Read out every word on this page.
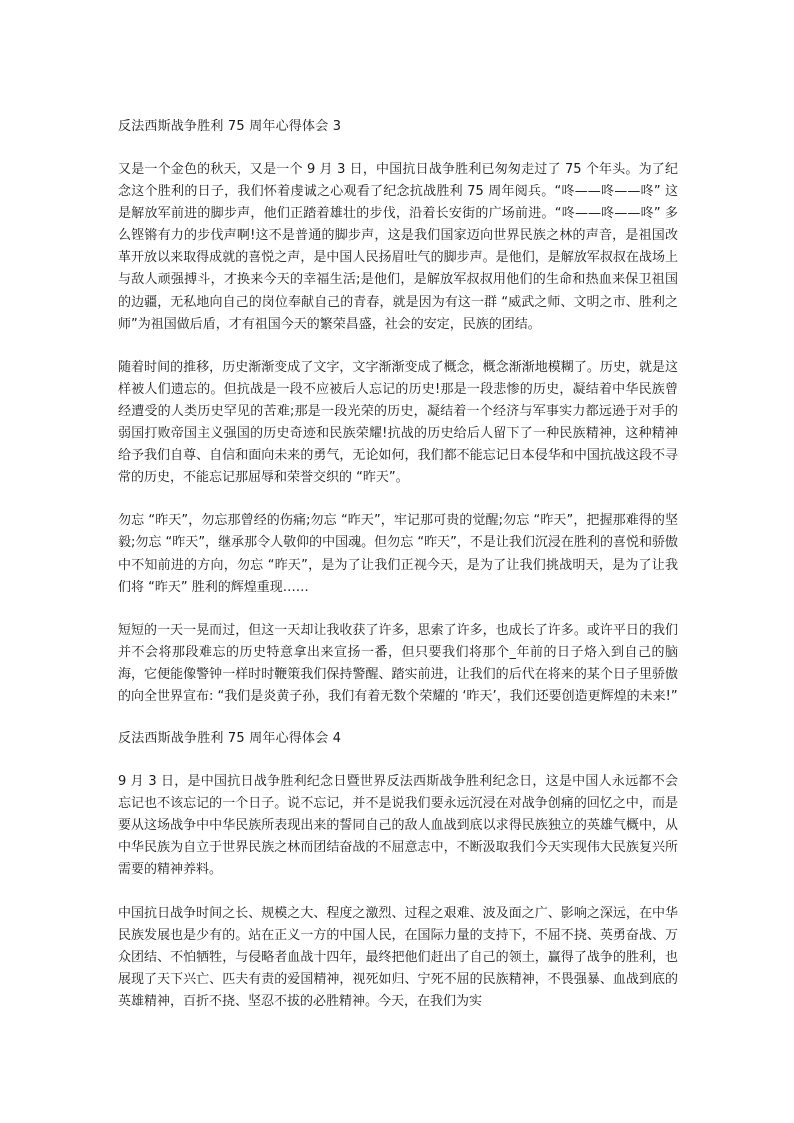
反法西斯战争胜利 75 周年心得体会 3

又是一个金色的秋天，又是一个 9 月 3 日，中国抗日战争胜利已匆匆走过了 75 个年头。为了纪念这个胜利的日子，我们怀着虔诚之心观看了纪念抗战胜利 75 周年阅兵。“咚——咚——咚” 这是解放军前进的脚步声，他们正踏着雄壮的步伐，沿着长安街的广场前进。“咚——咚——咚” 多么铿锵有力的步伐声啊!这不是普通的脚步声，这是我们国家迈向世界民族之林的声音，是祖国改革开放以来取得成就的喜悦之声，是中国人民扬眉吐气的脚步声。是他们，是解放军叔叔在战场上与敌人顽强搏斗，才换来今天的幸福生活;是他们，是解放军叔叔用他们的生命和热血来保卫祖国的边疆，无私地向自己的岗位奉献自己的青春，就是因为有这一群 “威武之师、文明之市、胜利之师”为祖国做后盾，才有祖国今天的繁荣昌盛，社会的安定，民族的团结。

随着时间的推移，历史渐渐变成了文字，文字渐渐变成了概念，概念渐渐地模糊了。历史，就是这样被人们遗忘的。但抗战是一段不应被后人忘记的历史!那是一段悲惨的历史，凝结着中华民族曾经遭受的人类历史罕见的苦难;那是一段光荣的历史，凝结着一个经济与军事实力都远逊于对手的弱国打败帝国主义强国的历史奇迹和民族荣耀!抗战的历史给后人留下了一种民族精神，这种精神给予我们自尊、自信和面向未来的勇气，无论如何，我们都不能忘记日本侵华和中国抗战这段不寻常的历史，不能忘记那屈辱和荣誉交织的 “昨天”。

勿忘 “昨天”，勿忘那曾经的伤痛;勿忘 “昨天”，牢记那可贵的觉醒;勿忘 “昨天”，把握那难得的坚毅;勿忘 “昨天”，继承那令人敬仰的中国魂。但勿忘 “昨天”，不是让我们沉浸在胜利的喜悦和骄傲中不知前进的方向，勿忘 “昨天”，是为了让我们正视今天，是为了让我们挑战明天，是为了让我们将 “昨天” 胜利的辉煌重现……

短短的一天一晃而过，但这一天却让我收获了许多，思索了许多，也成长了许多。或许平日的我们并不会将那段难忘的历史特意拿出来宣扬一番，但只要我们将那个_年前的日子烙入到自己的脑海，它便能像警钟一样时时鞭策我们保持警醒、踏实前进，让我们的后代在将来的某个日子里骄傲的向全世界宣布: “我们是炎黄子孙，我们有着无数个荣耀的 ‘昨天’，我们还要创造更辉煌的未来!”

反法西斯战争胜利 75 周年心得体会 4

9 月 3 日，是中国抗日战争胜利纪念日暨世界反法西斯战争胜利纪念日，这是中国人永远都不会忘记也不该忘记的一个日子。说不忘记，并不是说我们要永远沉浸在对战争创痛的回忆之中，而是要从这场战争中中华民族所表现出来的誓同自己的敌人血战到底以求得民族独立的英雄气概中，从中华民族为自立于世界民族之林而团结奋战的不屈意志中，不断汲取我们今天实现伟大民族复兴所需要的精神养料。

中国抗日战争时间之长、规模之大、程度之激烈、过程之艰难、波及面之广、影响之深远，在中华民族发展也是少有的。站在正义一方的中国人民，在国际力量的支持下，不屈不挠、英勇奋战、万众团结、不怕牺牲，与侵略者血战十四年，最终把他们赶出了自己的领土，赢得了战争的胜利，也展现了天下兴亡、匹夫有责的爱国精神，视死如归、宁死不屈的民族精神，不畏强暴、血战到底的英雄精神，百折不挠、坚忍不拔的必胜精神。今天，在我们为实
